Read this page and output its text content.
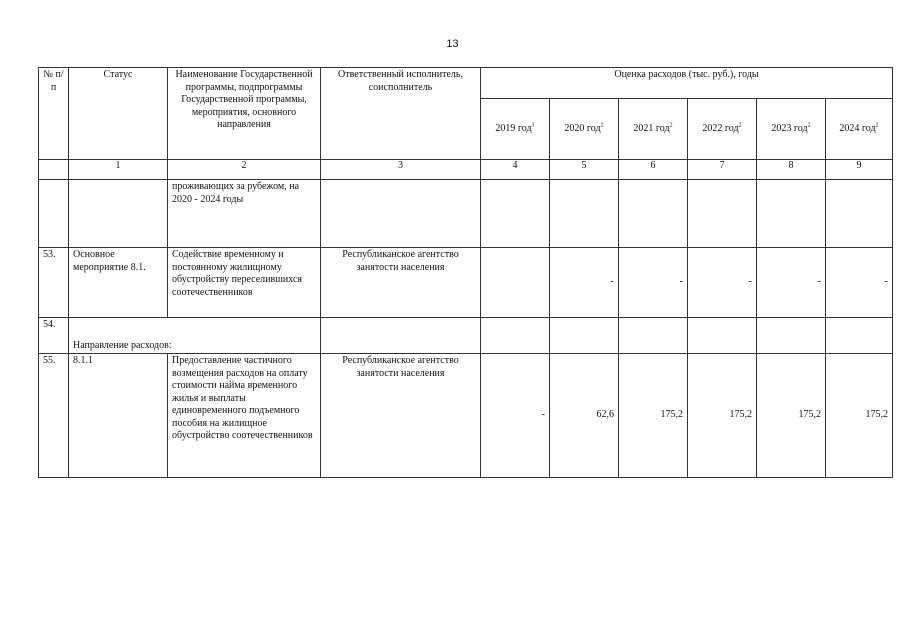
13
№ п/п	Статус	Наименование Государственной программы, подпрограммы Государственной программы, мероприятия, основного направления	Ответственный исполнитель, соисполнитель	Оценка расходов (тыс. руб.), годы					
				2019 год$^1$	2020 год$^2$	2021 год$^2$	2022 год$^2$	2023 год$^2$	2024 год$^2$
	1	2	3	4	5	6	7	8	9
		проживающих за рубежом, на 2020 - 2024 годы							
53.	Основное мероприятие 8.1.	Содействие временному и постоянному жилищному обустройству переселившихся соотечественников	Республиканское агентство занятости населения		-	-	-	-	-
54.	Направление расходов:								
55.	8.1.1	Предоставление частичного возмещения расходов на оплату стоимости найма временного жилья и выплаты единовременного подъемного пособия на жилищное обустройство соотечественников	Республиканское агентство занятости населения	-	62,6	175,2	175,2	175,2	175,2
